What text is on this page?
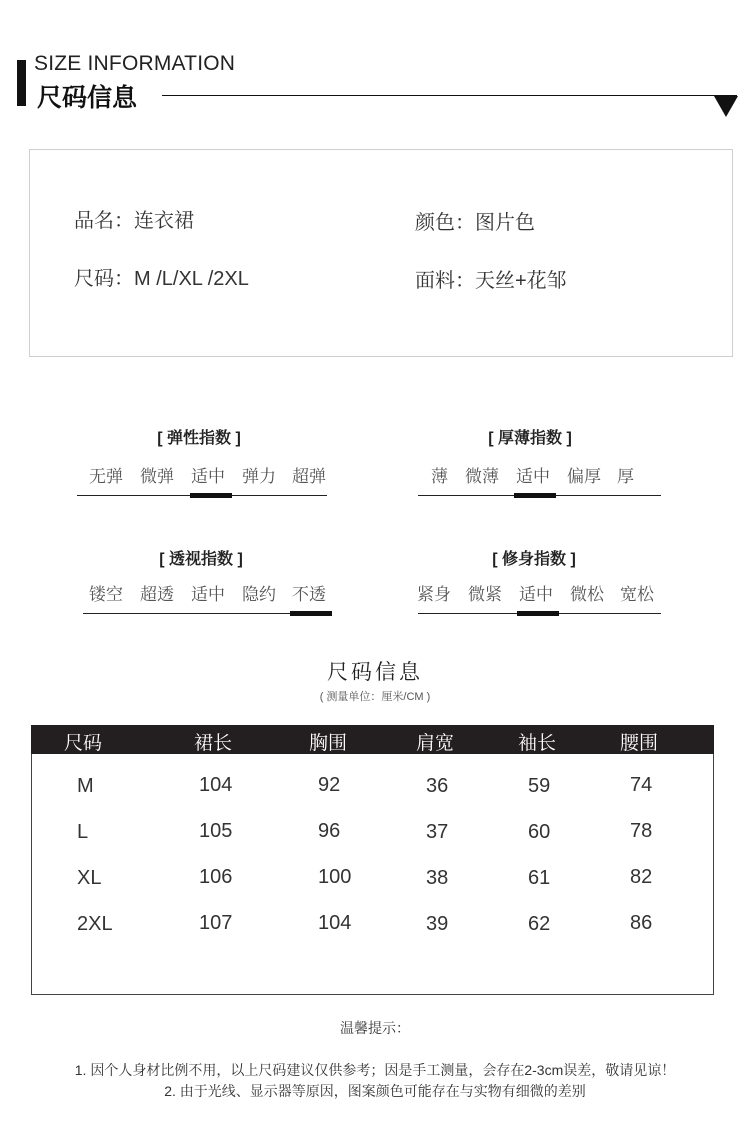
SIZE INFORMATION
尺码信息
品名：连衣裙	颜色：图片色
尺码：M /L/XL /2XL	面料：天丝+花邹
[ 弹性指数 ]
无弹 微弹 适中 弹力 超弹
[ 厚薄指数 ]
薄 微薄 适中 偏厚 厚
[ 透视指数 ]
镂空 超透 适中 隐约 不透
[ 修身指数 ]
紧身 微紧 适中 微松 宽松
尺码信息
( 测量单位：厘米/CM )
尺码	裙长	胸围	肩宽	袖长	腰围
M	104	92	36	59	74
L	105	96	37	60	78
XL	106	100	38	61	82
2XL	107	104	39	62	86
温馨提示：
1. 因个人身材比例不用，以上尺码建议仅供参考；因是手工测量，会存在2-3cm误差，敬请见谅！
2. 由于光线、显示器等原因，图案颜色可能存在与实物有细微的差别
